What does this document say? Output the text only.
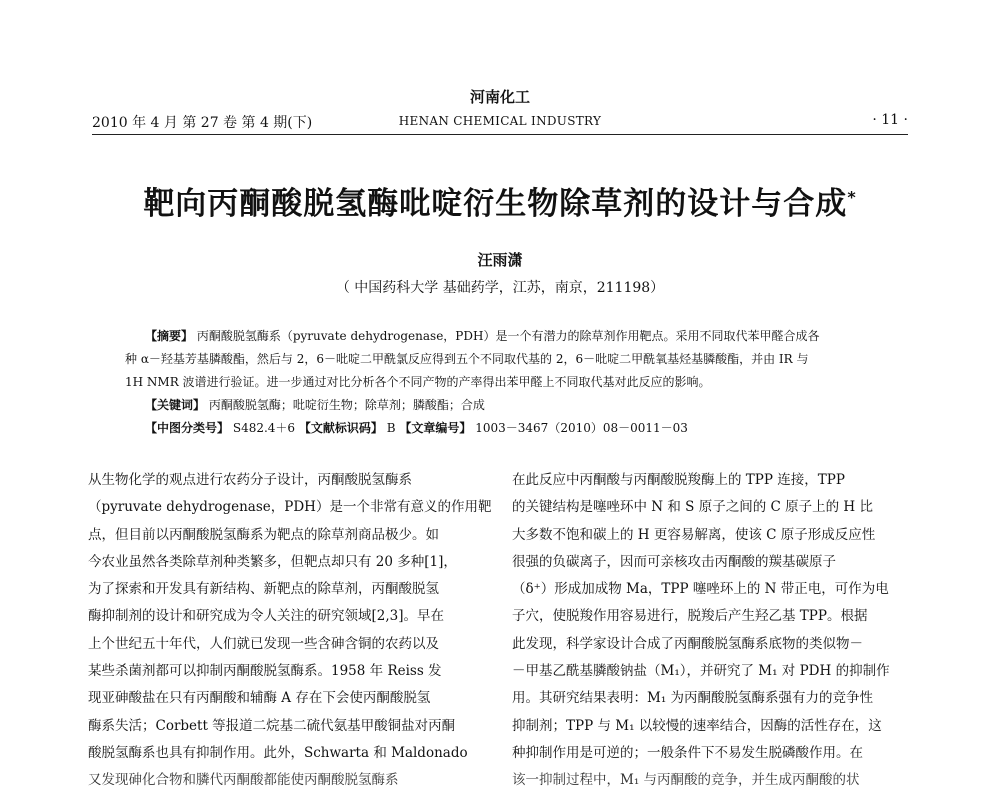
河南化工
HENAN CHEMICAL INDUSTRY
2010 年 4 月 第 27 卷 第 4 期(下)	· 11 ·
靶向丙酮酸脱氢酶吡啶衍生物除草剂的设计与合成*
汪雨潇
（ 中国药科大学 基础药学，江苏，南京，211198）
【摘要】 丙酮酸脱氢酶系（pyruvate dehydrogenase，PDH）是一个有潜力的除草剂作用靶点。采用不同取代苯甲醛合成各
种 α－羟基芳基膦酸酯，然后与 2，6－吡啶二甲酰氯反应得到五个不同取代基的 2，6－吡啶二甲酰氧基烃基膦酸酯，并由 IR 与
1H NMR 波谱进行验证。进一步通过对比分析各个不同产物的产率得出苯甲醛上不同取代基对此反应的影响。
【关键词】 丙酮酸脱氢酶；吡啶衍生物；除草剂；膦酸酯；合成
【中图分类号】 S482.4＋6 【文献标识码】 B 【文章编号】 1003－3467（2010）08－0011－03
从生物化学的观点进行农药分子设计，丙酮酸脱氢酶系
（pyruvate dehydrogenase，PDH）是一个非常有意义的作用靶
点，但目前以丙酮酸脱氢酶系为靶点的除草剂商品极少。如
今农业虽然各类除草剂种类繁多，但靶点却只有 20 多种[1]，
为了探索和开发具有新结构、新靶点的除草剂，丙酮酸脱氢
酶抑制剂的设计和研究成为令人关注的研究领域[2,3]。早在
上个世纪五十年代，人们就已发现一些含砷含铜的农药以及
某些杀菌剂都可以抑制丙酮酸脱氢酶系。1958 年 Reiss 发
现亚砷酸盐在只有丙酮酸和辅酶 A 存在下会使丙酮酸脱氢
酶系失活；Corbett 等报道二烷基二硫代氨基甲酸铜盐对丙酮
酸脱氢酶系也具有抑制作用。此外，Schwarta 和 Maldonado
又发现砷化合物和膦代丙酮酸都能使丙酮酸脱氢酶系
在此反应中丙酮酸与丙酮酸脱羧酶上的 TPP 连接，TPP
的关键结构是噻唑环中 N 和 S 原子之间的 C 原子上的 H 比
大多数不饱和碳上的 H 更容易解离，使该 C 原子形成反应性
很强的负碳离子，因而可亲核攻击丙酮酸的羰基碳原子
（δ⁺）形成加成物 Ma，TPP 噻唑环上的 N 带正电，可作为电
子穴，使脱羧作用容易进行，脱羧后产生羟乙基 TPP。根据
此发现，科学家设计合成了丙酮酸脱氢酶系底物的类似物－
－甲基乙酰基膦酸钠盐（M₁），并研究了 M₁ 对 PDH 的抑制作
用。其研究结果表明：M₁ 为丙酮酸脱氢酶系强有力的竞争性
抑制剂；TPP 与 M₁ 以较慢的速率结合，因酶的活性存在，这
种抑制作用是可逆的；一般条件下不易发生脱磷酸作用。在
该一抑制过程中，M₁ 与丙酮酸的竞争，并生成丙酮酸的状
